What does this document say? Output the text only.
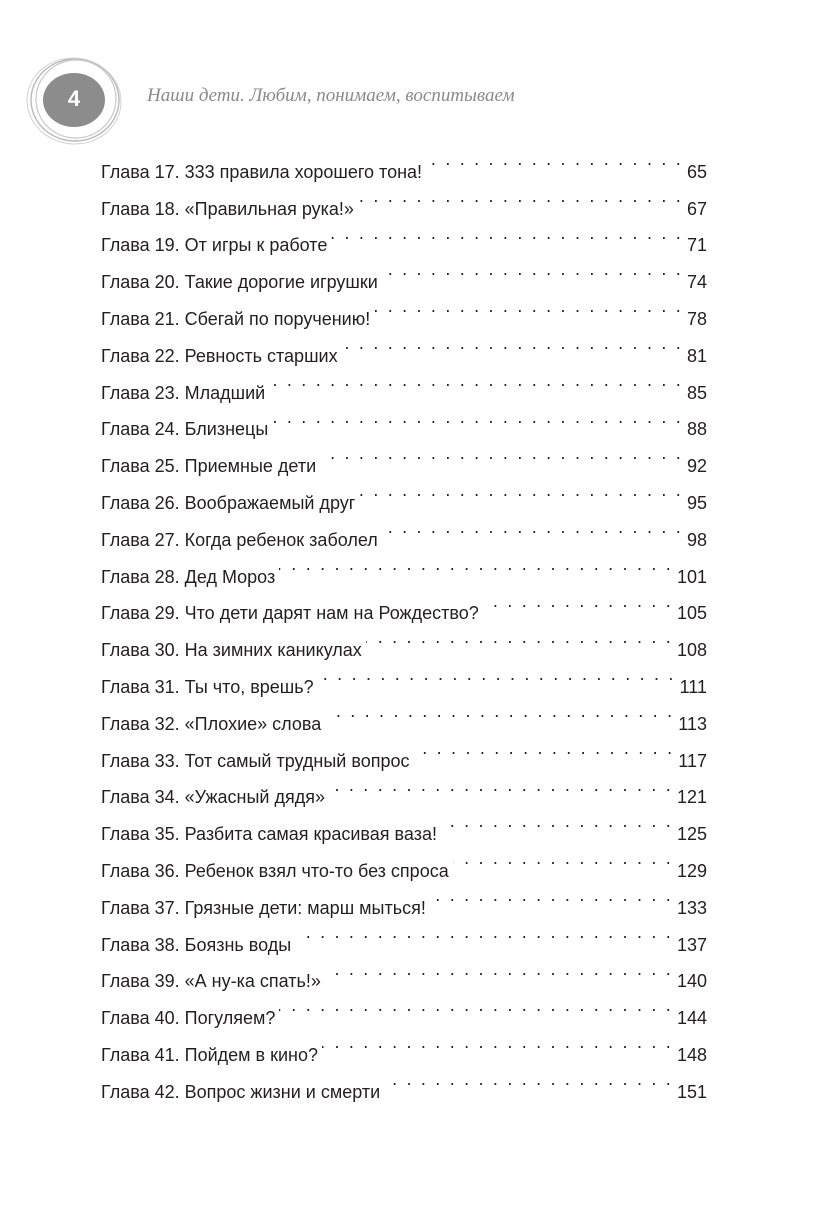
4	Наши дети. Любим, понимаем, воспитываем
Глава 17. 333 правила хорошего тона! . . .	65
Глава 18. «Правильная рука!» . . .	67
Глава 19. От игры к работе . . .	71
Глава 20. Такие дорогие игрушки . . .	74
Глава 21. Сбегай по поручению! . . .	78
Глава 22. Ревность старших . . .	81
Глава 23. Младший . . .	85
Глава 24. Близнецы . . .	88
Глава 25. Приемные дети . . .	92
Глава 26. Воображаемый друг . . .	95
Глава 27. Когда ребенок заболел . . .	98
Глава 28. Дед Мороз . . .	101
Глава 29. Что дети дарят нам на Рождество? . . .	105
Глава 30. На зимних каникулах . . .	108
Глава 31. Ты что, врешь? . . .	111
Глава 32. «Плохие» слова . . .	113
Глава 33. Тот самый трудный вопрос . . .	117
Глава 34. «Ужасный дядя» . . .	121
Глава 35. Разбита самая красивая ваза! . . .	125
Глава 36. Ребенок взял что-то без спроса . . .	129
Глава 37. Грязные дети: марш мыться! . . .	133
Глава 38. Боязнь воды . . .	137
Глава 39. «А ну-ка спать!» . . .	140
Глава 40. Погуляем? . . .	144
Глава 41. Пойдем в кино? . . .	148
Глава 42. Вопрос жизни и смерти . . .	151
